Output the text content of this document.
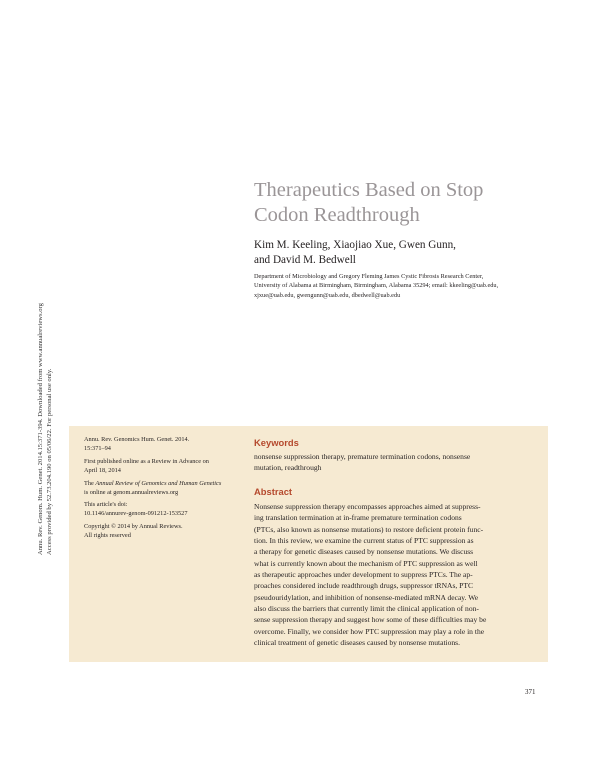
Annu. Rev. Genom. Hum. Genet. 2014.15:371-394. Downloaded from www.annualreviews.org Access provided by 52.73.204.190 on 05/06/22. For personal use only.
Therapeutics Based on Stop
Codon Readthrough
Kim M. Keeling, Xiaojiao Xue, Gwen Gunn,
and David M. Bedwell
Department of Microbiology and Gregory Fleming James Cystic Fibrosis Research Center,
University of Alabama at Birmingham, Birmingham, Alabama 35294; email: kkeeling@uab.edu,
xjxue@uab.edu, gwengunn@uab.edu, dbedwell@uab.edu
Annu. Rev. Genomics Hum. Genet. 2014.
15:371–94
First published online as a Review in Advance on
April 18, 2014
The Annual Review of Genomics and Human Genetics
is online at genom.annualreviews.org
This article's doi:
10.1146/annurev-genom-091212-153527
Copyright © 2014 by Annual Reviews.
All rights reserved
Keywords
nonsense suppression therapy, premature termination codons, nonsense
mutation, readthrough
Abstract
Nonsense suppression therapy encompasses approaches aimed at suppress-
ing translation termination at in-frame premature termination codons
(PTCs, also known as nonsense mutations) to restore deficient protein func-
tion. In this review, we examine the current status of PTC suppression as
a therapy for genetic diseases caused by nonsense mutations. We discuss
what is currently known about the mechanism of PTC suppression as well
as therapeutic approaches under development to suppress PTCs. The ap-
proaches considered include readthrough drugs, suppressor tRNAs, PTC
pseudouridylation, and inhibition of nonsense-mediated mRNA decay. We
also discuss the barriers that currently limit the clinical application of non-
sense suppression therapy and suggest how some of these difficulties may be
overcome. Finally, we consider how PTC suppression may play a role in the
clinical treatment of genetic diseases caused by nonsense mutations.
371
